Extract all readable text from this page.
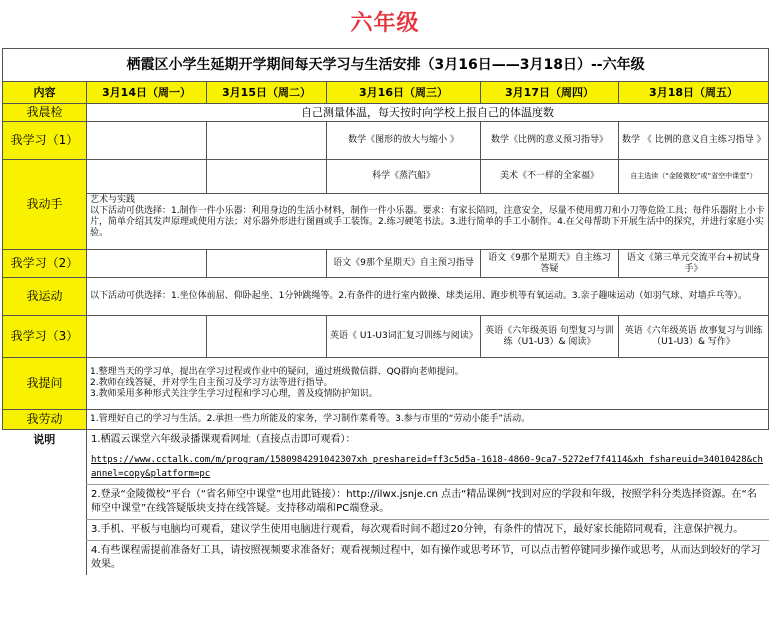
六年级
栖霞区小学生延期开学期间每天学习与生活安排（3月16日——3月18日）--六年级					
内容	3月14日（周一）	3月15日（周二）	3月16日（周三）	3月17日（周四）	3月18日（周五）
我晨检	自己测量体温，每天按时向学校上报自己的体温度数				
我学习（1）			数学《图形的放大与缩小 》	数学《比例的意义预习指导》	数学 《 比例的意义自主练习指导 》
我动手			科学《蒸汽船》	美术《不一样的全家福》	自主选读（“金陵微校”或“省空中课堂”）

	艺术与实践
以下活动可供选择：1.制作一件小乐器：利用身边的生活小材料，制作一件小乐器。要求：有家长陪同，注意安全，尽量不使用剪刀和小刀等危险工具；每件乐器附上小卡片，简单介绍其发声原理或使用方法；对乐器外形进行图画或手工装饰。2.练习硬笔书法。3.进行简单的手工小制作。4.在父母帮助下开展生活中的探究，并进行家庭小实验。				

我学习（2）			语文《9那个星期天》自主预习指导	语文《9那个星期天》自主练习答疑	语文《第三单元交流平台+初试身手》
我运动	以下活动可供选择：1.坐位体前屈、仰卧起坐、1分钟跳绳等。2.有条件的进行室内做操、球类运用、跑步机等有氧运动。3.亲子趣味运动（如羽气球、对墙乒乓等）。				
我学习（3）			英语《 U1-U3词汇复习训练与阅读》	英语《六年级英语 句型复习与训练（U1-U3）& 阅读》	英语《六年级英语 故事复习与训练（U1-U3）& 写作》
我提问	1.整理当天的学习单，提出在学习过程或作业中的疑问，通过班级微信群、QQ群向老师提问。
2.教师在线答疑，并对学生自主预习及学习方法等进行指导。
3.教师采用多种形式关注学生学习过程和学习心理，普及疫情防护知识。				
我劳动	1.管理好自己的学习与生活。2.承担一些力所能及的家务，学习制作菜肴等。3.参与市里的“劳动小能手”活动。				
说明	1.栖霞云课堂六年级录播课观看网址（直接点击即可观看）：				
	https://www.cctalk.com/m/program/1580984291042307xh_preshareid=ff3c5d5a-1618-4860-9ca7-5272ef7f4114&xh_fshareuid=34010428&channel=copy&platform=pc				
	2.登录“金陵微校”平台（“省名师空中课堂”也用此链接）：http://ilwx.jsnje.cn 点击“精品课例”找到对应的学段和年级，按照学科分类选择资源。在“名师空中课堂”在线答疑版块支持在线答疑。支持移动端和PC端登录。				
	3.手机、平板与电脑均可观看，建议学生使用电脑进行观看，每次观看时间不超过20分钟，有条件的情况下，最好家长能陪同观看，注意保护视力。				
	4.有些课程需提前准备好工具，请按照视频要求准备好；观看视频过程中，如有操作或思考环节，可以点击暂停键同步操作或思考，从而达到较好的学习效果。				
